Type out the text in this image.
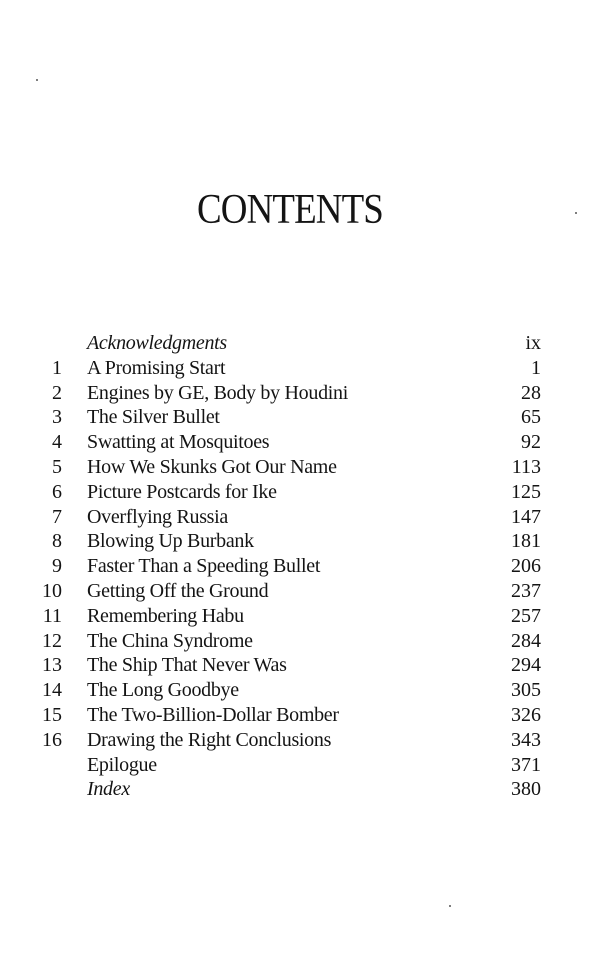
CONTENTS
Acknowledgments	ix
1 A Promising Start	1
2 Engines by GE, Body by Houdini	28
3 The Silver Bullet	65
4 Swatting at Mosquitoes	92
5 How We Skunks Got Our Name	113
6 Picture Postcards for Ike	125
7 Overflying Russia	147
8 Blowing Up Burbank	181
9 Faster Than a Speeding Bullet	206
10 Getting Off the Ground	237
11 Remembering Habu	257
12 The China Syndrome	284
13 The Ship That Never Was	294
14 The Long Goodbye	305
15 The Two-Billion-Dollar Bomber	326
16 Drawing the Right Conclusions	343
Epilogue	371
Index	380
